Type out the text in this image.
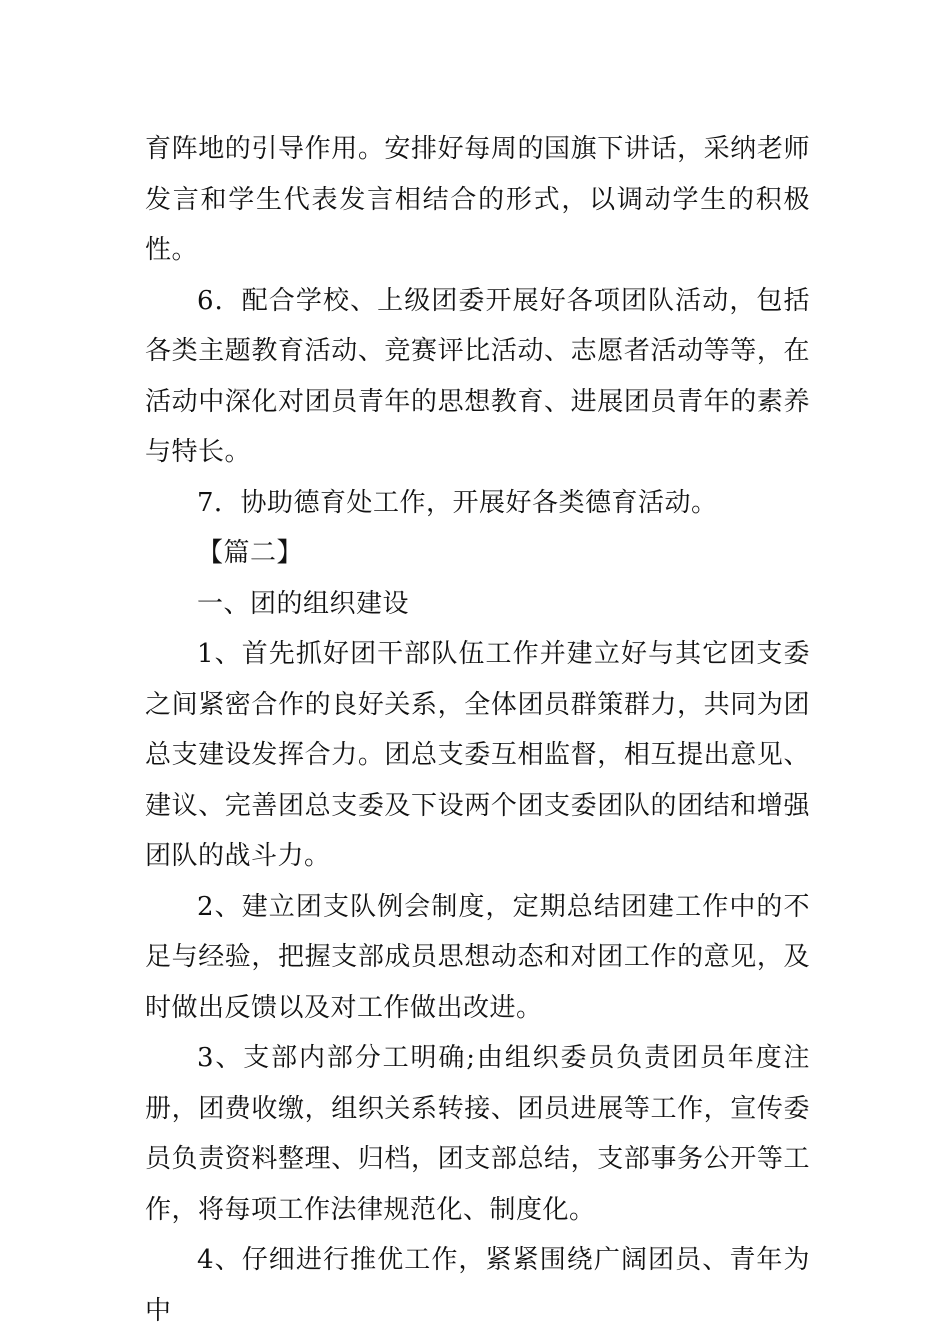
育阵地的引导作用。安排好每周的国旗下讲话，采纳老师发言和学生代表发言相结合的形式，以调动学生的积极性。

6．配合学校、上级团委开展好各项团队活动，包括各类主题教育活动、竞赛评比活动、志愿者活动等等，在活动中深化对团员青年的思想教育、进展团员青年的素养与特长。

7．协助德育处工作，开展好各类德育活动。

【篇二】

一、团的组织建设

1、首先抓好团干部队伍工作并建立好与其它团支委之间紧密合作的良好关系，全体团员群策群力，共同为团总支建设发挥合力。团总支委互相监督，相互提出意见、建议、完善团总支委及下设两个团支委团队的团结和增强团队的战斗力。

2、建立团支队例会制度，定期总结团建工作中的不足与经验，把握支部成员思想动态和对团工作的意见，及时做出反馈以及对工作做出改进。

3、支部内部分工明确;由组织委员负责团员年度注册，团费收缴，组织关系转接、团员进展等工作，宣传委员负责资料整理、归档，团支部总结，支部事务公开等工作，将每项工作法律规范化、制度化。

4、仔细进行推优工作，紧紧围绕广阔团员、青年为中
